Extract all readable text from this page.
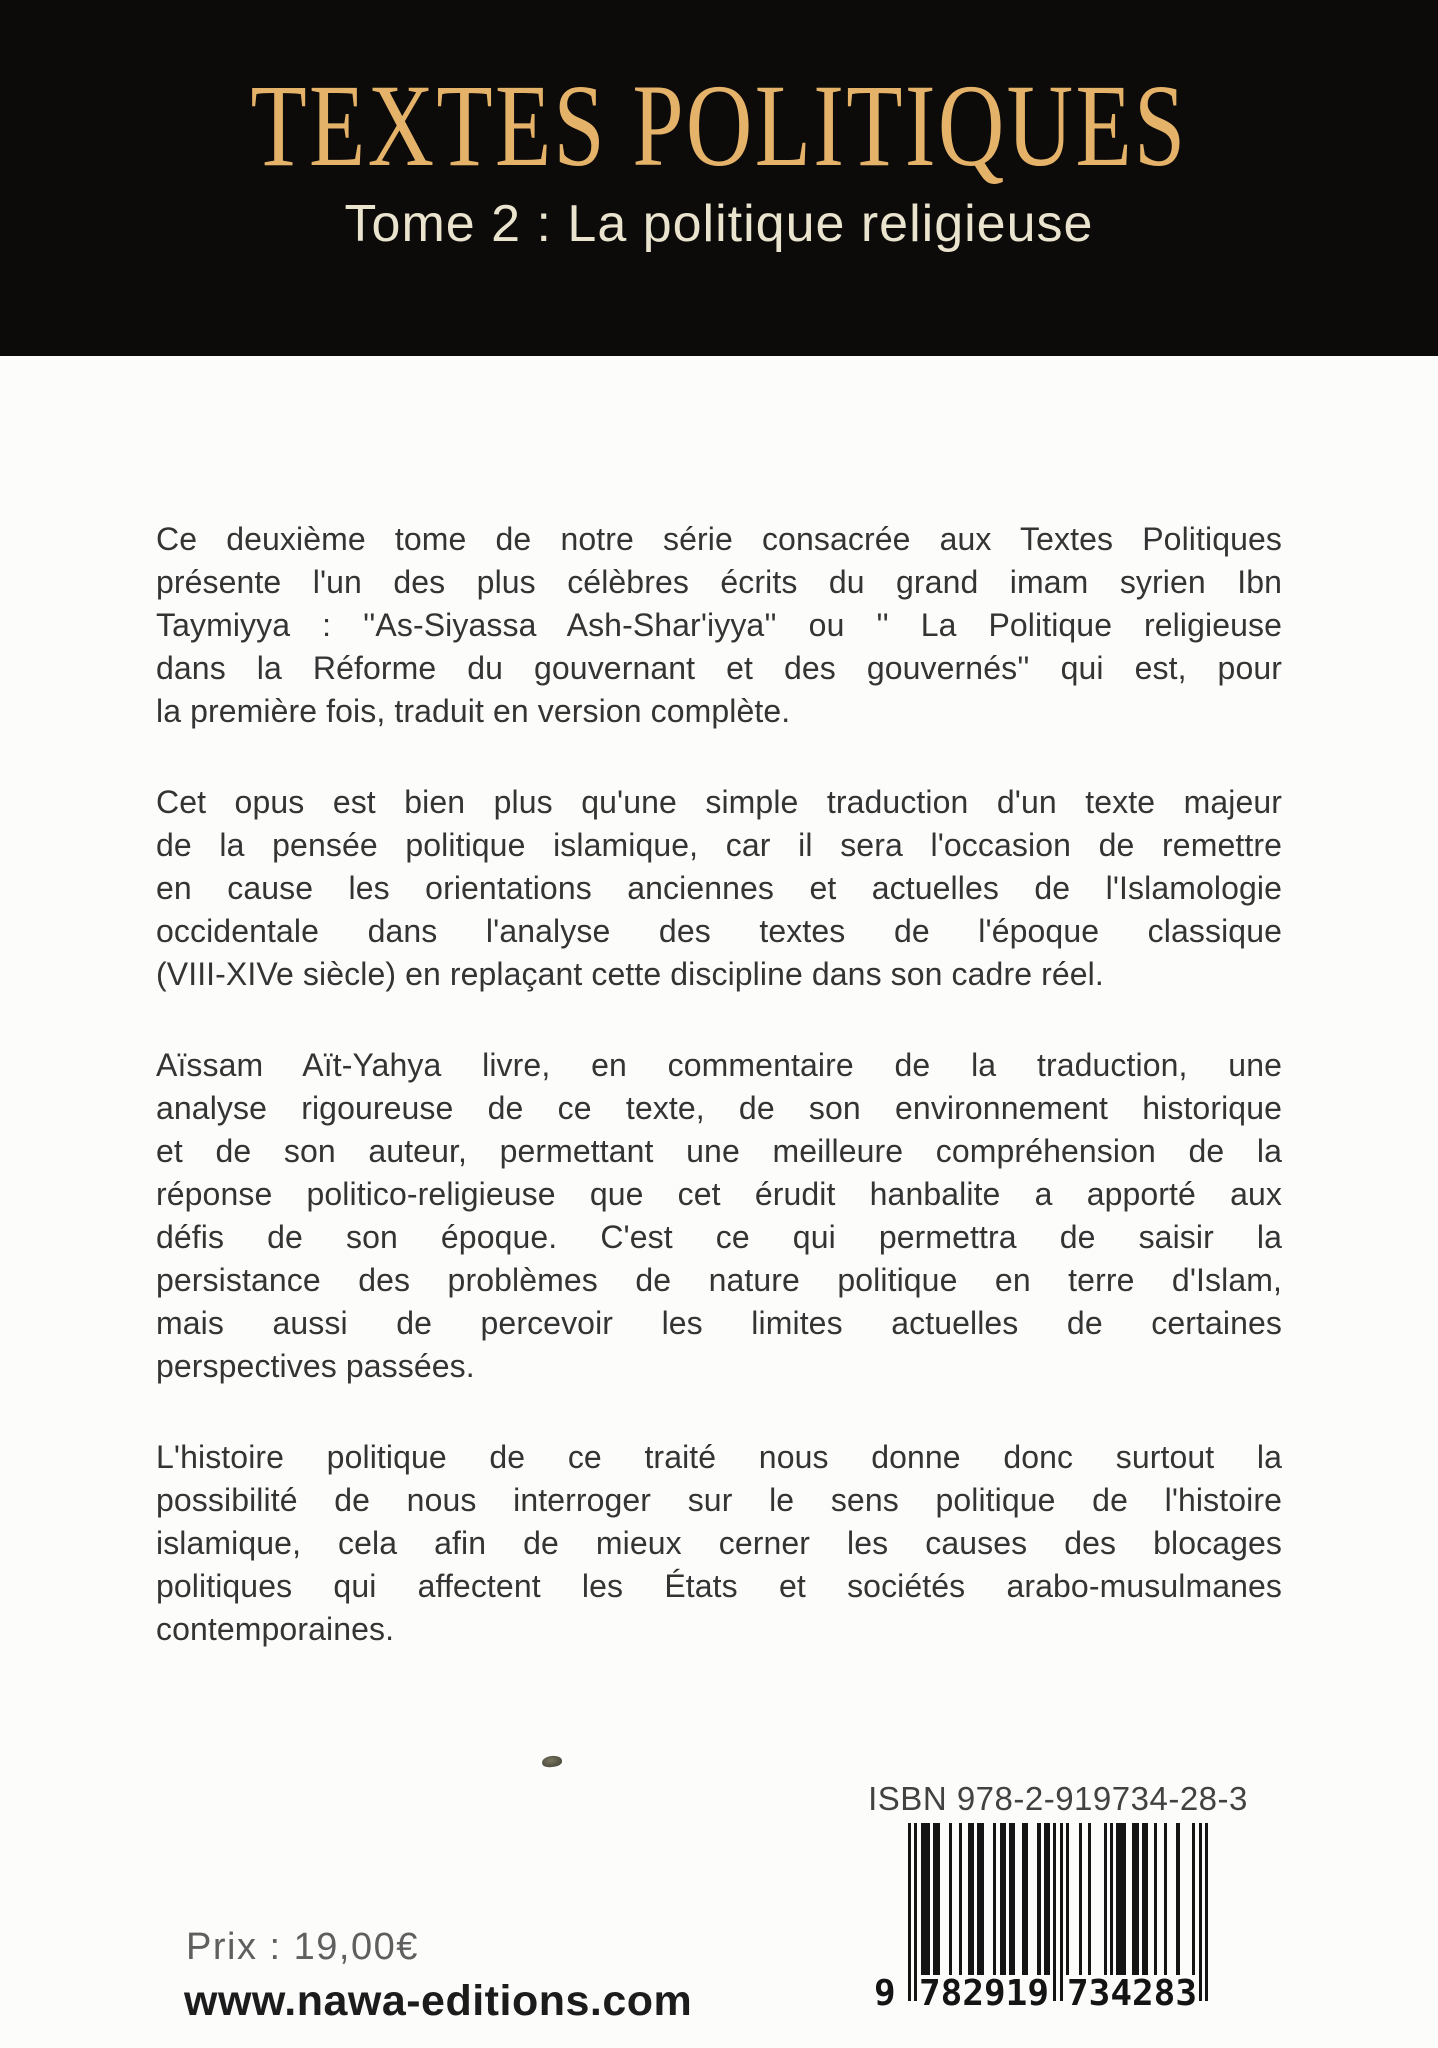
TEXTES POLITIQUES
Tome 2 : La politique religieuse
Ce deuxième tome de notre série consacrée aux Textes Politiques
présente l'un des plus célèbres écrits du grand imam syrien Ibn
Taymiyya : ''As-Siyassa Ash-Shar'iyya'' ou '' La Politique religieuse
dans la Réforme du gouvernant et des gouvernés'' qui est, pour
la première fois, traduit en version complète.
Cet opus est bien plus qu'une simple traduction d'un texte majeur
de la pensée politique islamique, car il sera l'occasion de remettre
en cause les orientations anciennes et actuelles de l'Islamologie
occidentale dans l'analyse des textes de l'époque classique
(VIII-XIVe siècle) en replaçant cette discipline dans son cadre réel.
Aïssam Aït-Yahya livre, en commentaire de la traduction, une
analyse rigoureuse de ce texte, de son environnement historique
et de son auteur, permettant une meilleure compréhension de la
réponse politico-religieuse que cet érudit hanbalite a apporté aux
défis de son époque. C'est ce qui permettra de saisir la
persistance des problèmes de nature politique en terre d'Islam,
mais aussi de percevoir les limites actuelles de certaines
perspectives passées.
L'histoire politique de ce traité nous donne donc surtout la
possibilité de nous interroger sur le sens politique de l'histoire
islamique, cela afin de mieux cerner les causes des blocages
politiques qui affectent les États et sociétés arabo-musulmanes
contemporaines.
ISBN 978-2-919734-28-3
9 782919 734283
Prix : 19,00€
www.nawa-editions.com
